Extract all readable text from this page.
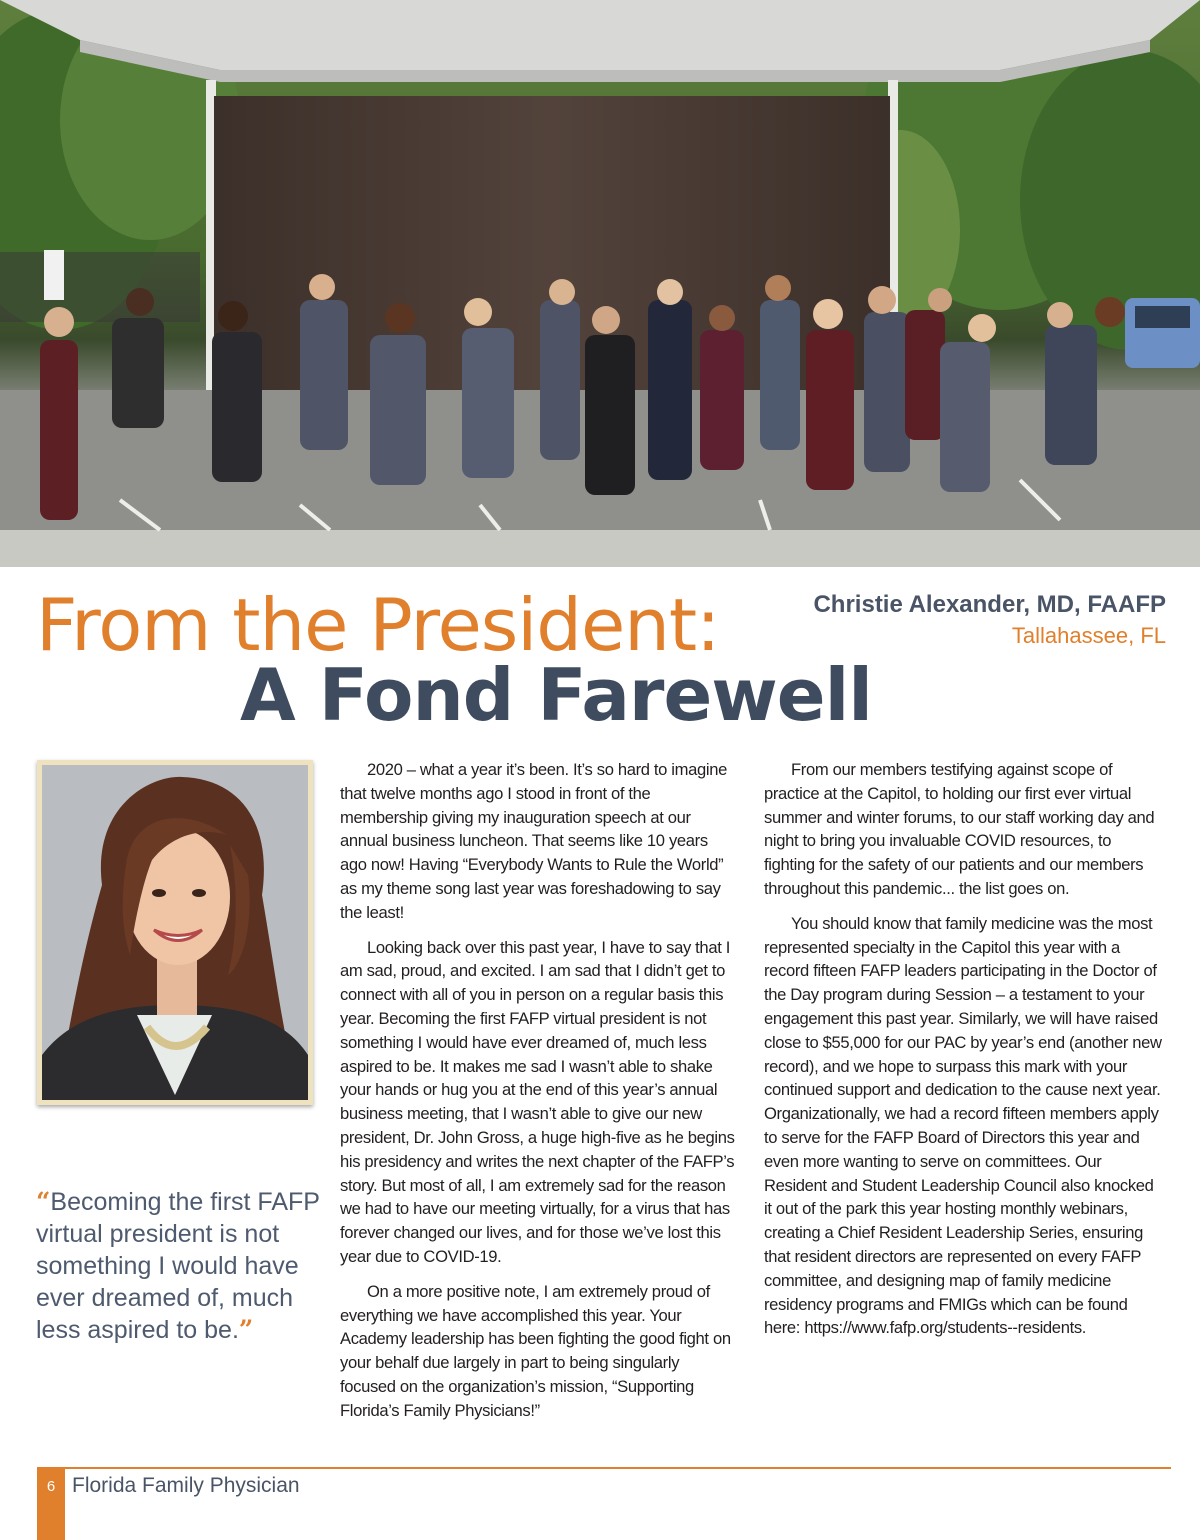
From the President:
A Fond Farewell
Christie Alexander, MD, FAAFP
Tallahassee, FL
“Becoming the first FAFP virtual president is not something I would have ever dreamed of, much less aspired to be.”

2020 – what a year it’s been. It’s so hard to imagine that twelve months ago I stood in front of the membership giving my inauguration speech at our annual business luncheon. That seems like 10 years ago now! Having “Everybody Wants to Rule the World” as my theme song last year was foreshadowing to say the least!

Looking back over this past year, I have to say that I am sad, proud, and excited. I am sad that I didn’t get to connect with all of you in person on a regular basis this year. Becoming the first FAFP virtual president is not something I would have ever dreamed of, much less aspired to be. It makes me sad I wasn’t able to shake your hands or hug you at the end of this year’s annual business meeting, that I wasn’t able to give our new president, Dr. John Gross, a huge high-five as he begins his presidency and writes the next chapter of the FAFP’s story. But most of all, I am extremely sad for the reason we had to have our meeting virtually, for a virus that has forever changed our lives, and for those we’ve lost this year due to COVID-19.

On a more positive note, I am extremely proud of everything we have accomplished this year. Your Academy leadership has been fighting the good fight on your behalf due largely in part to being singularly focused on the organization’s mission, “Supporting Florida’s Family Physicians!”

From our members testifying against scope of practice at the Capitol, to holding our first ever virtual summer and winter forums, to our staff working day and night to bring you invaluable COVID resources, to fighting for the safety of our patients and our members throughout this pandemic... the list goes on.

You should know that family medicine was the most represented specialty in the Capitol this year with a record fifteen FAFP leaders participating in the Doctor of the Day program during Session – a testament to your engagement this past year. Similarly, we will have raised close to $55,000 for our PAC by year’s end (another new record), and we hope to surpass this mark with your continued support and dedication to the cause next year. Organizationally, we had a record fifteen members apply to serve for the FAFP Board of Directors this year and even more wanting to serve on committees. Our Resident and Student Leadership Council also knocked it out of the park this year hosting monthly webinars, creating a Chief Resident Leadership Series, ensuring that resident directors are represented on every FAFP committee, and designing map of family medicine residency programs and FMIGs which can be found here: https://www.fafp.org/students--residents.

6 Florida Family Physician
